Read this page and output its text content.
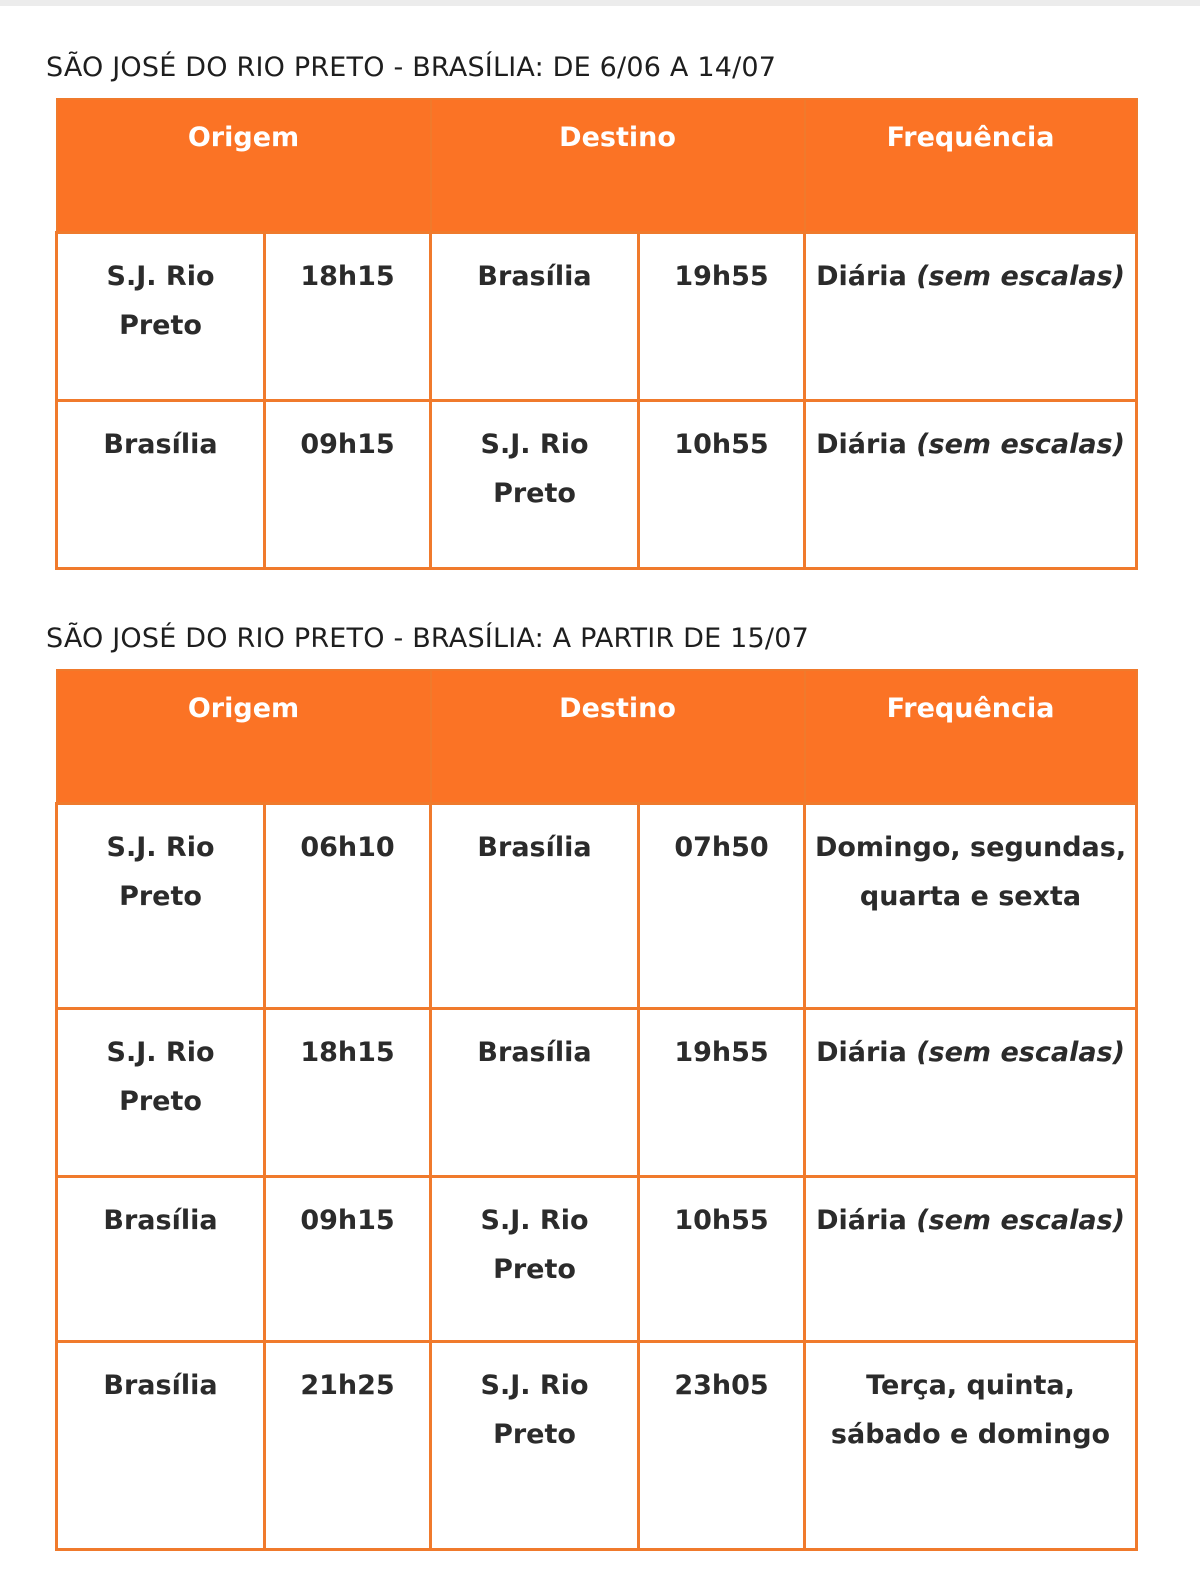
SÃO JOSÉ DO RIO PRETO - BRASÍLIA: DE 6/06 A 14/07
Origem		Destino		Frequência
S.J. Rio Preto	18h15	Brasília	19h55	Diária (sem escalas)
Brasília	09h15	S.J. Rio Preto	10h55	Diária (sem escalas)
SÃO JOSÉ DO RIO PRETO - BRASÍLIA: A PARTIR DE 15/07
Origem		Destino		Frequência
S.J. Rio Preto	06h10	Brasília	07h50	Domingo, segundas, quarta e sexta
S.J. Rio Preto	18h15	Brasília	19h55	Diária (sem escalas)
Brasília	09h15	S.J. Rio Preto	10h55	Diária (sem escalas)
Brasília	21h25	S.J. Rio Preto	23h05	Terça, quinta, sábado e domingo
